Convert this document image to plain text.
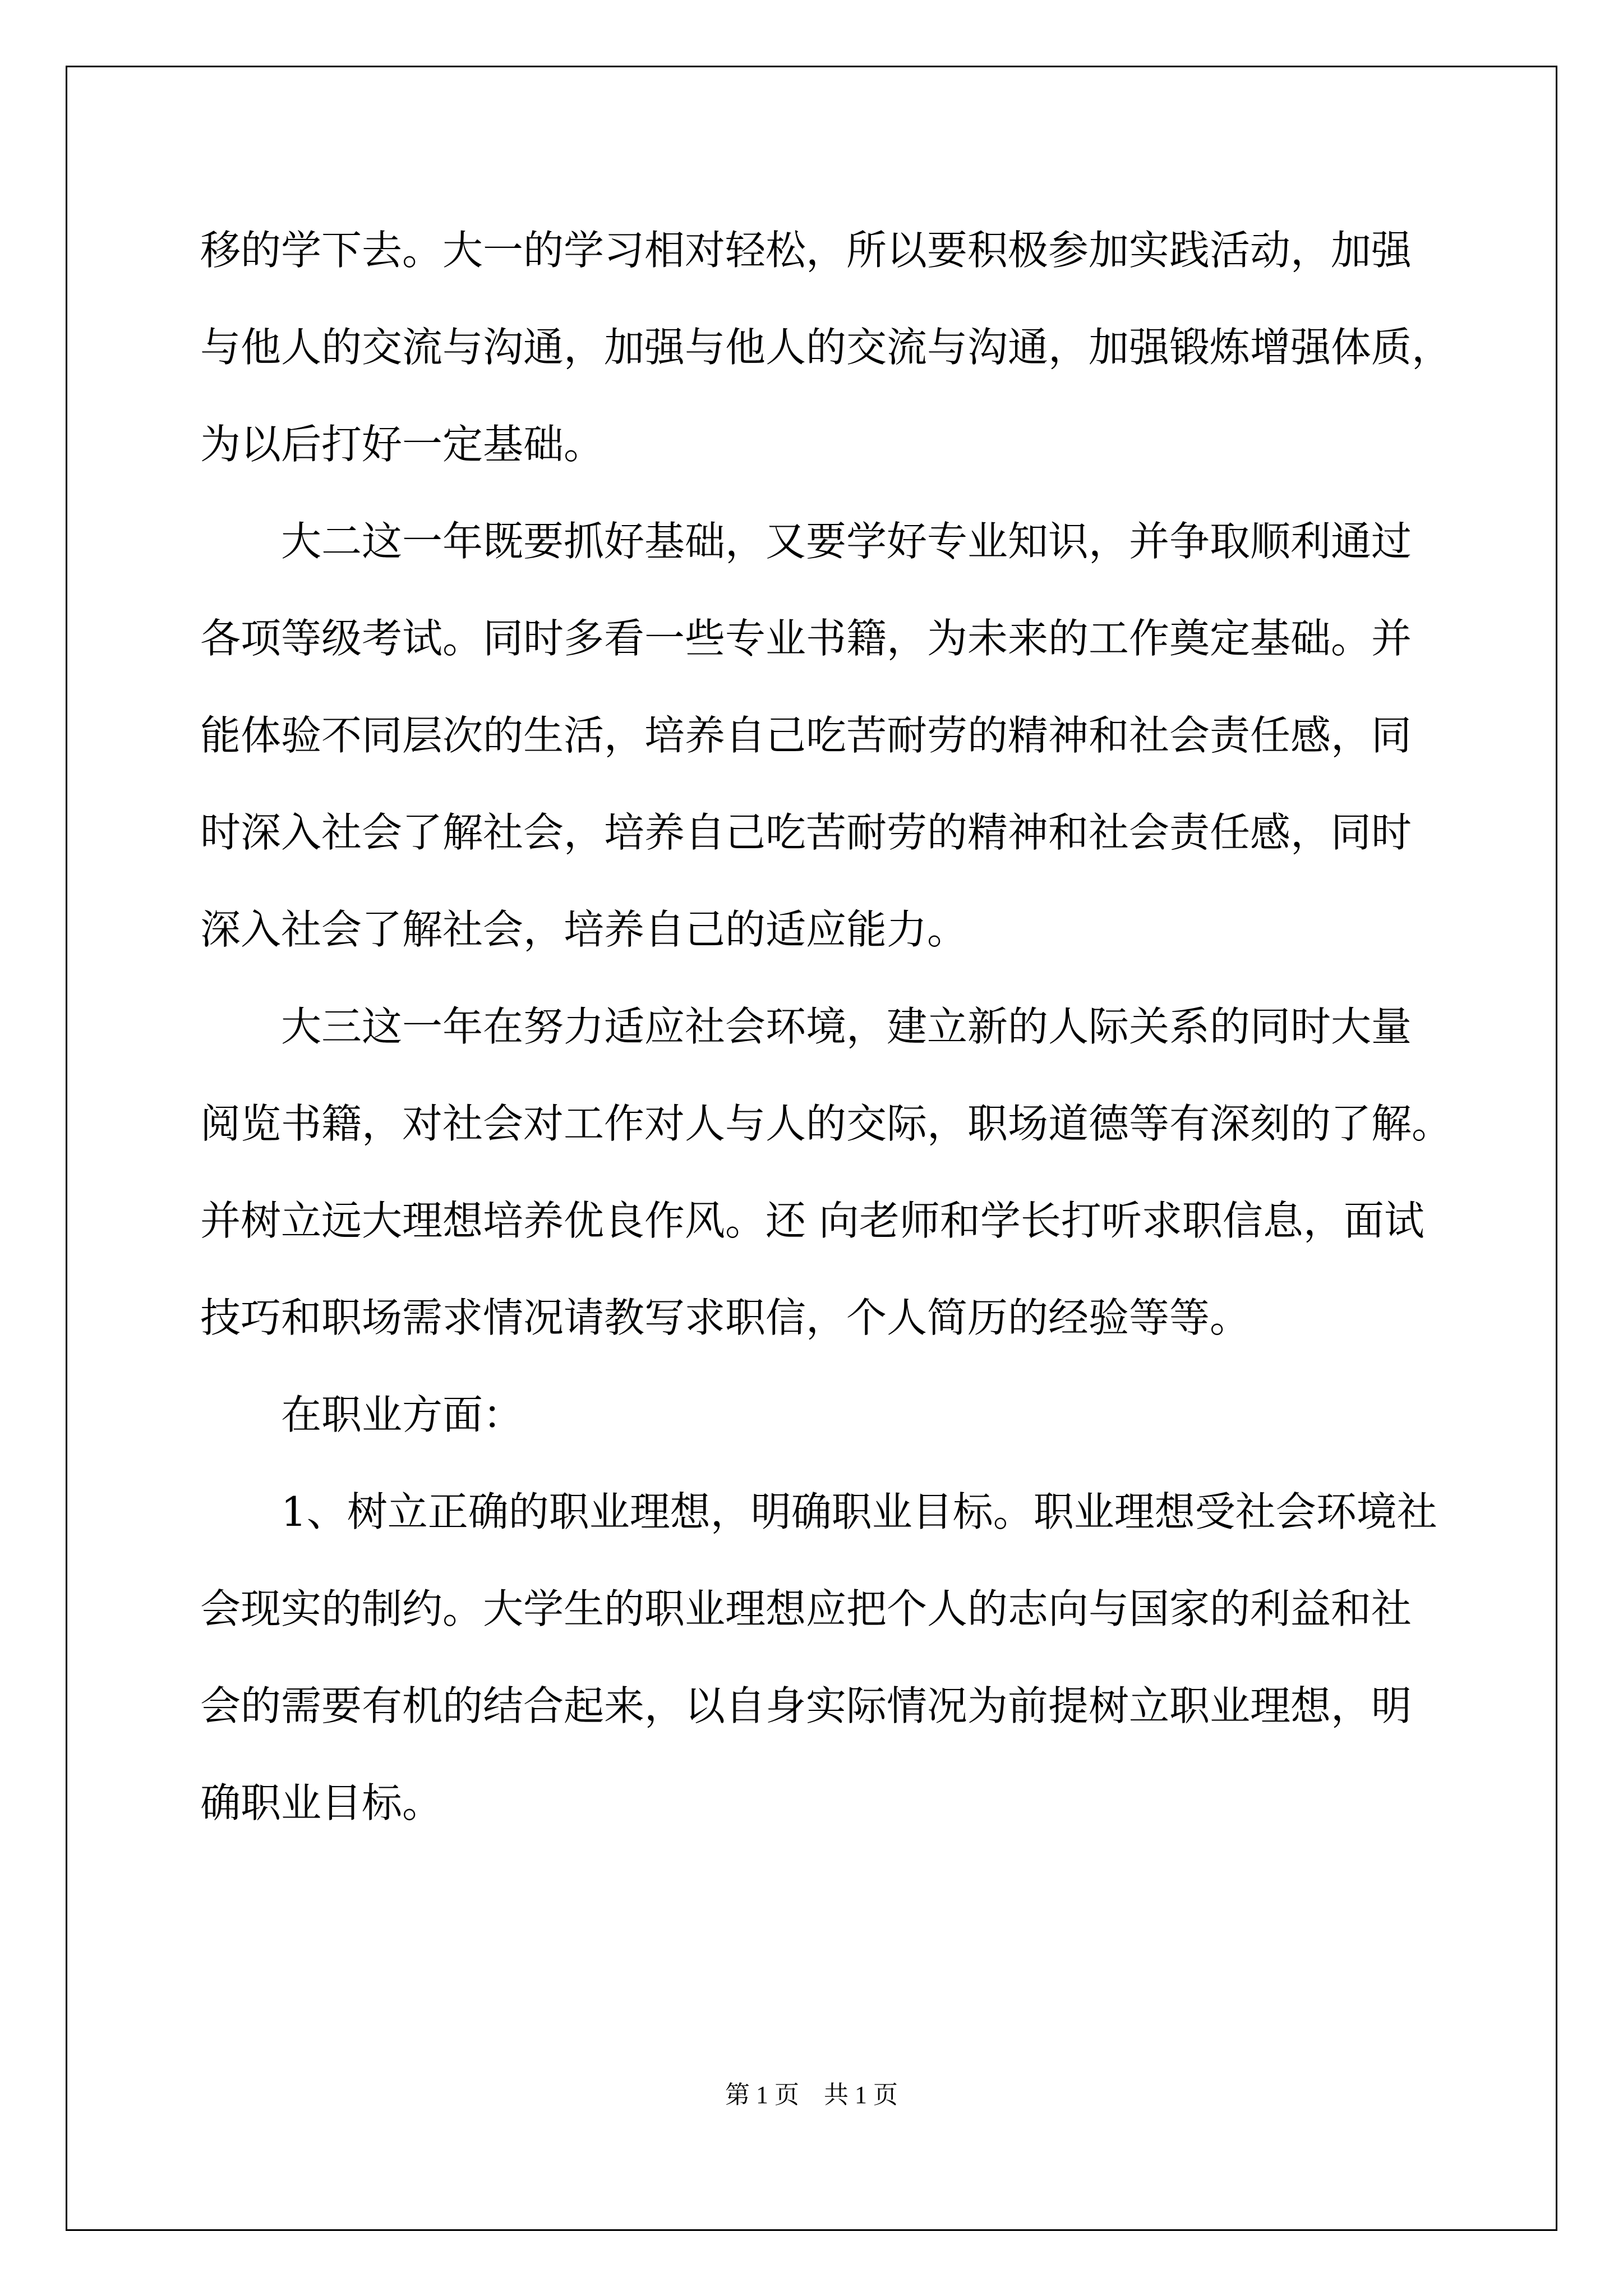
移的学下去。大一的学习相对轻松，所以要积极参加实践活动，加强
与他人的交流与沟通，加强与他人的交流与沟通，加强锻炼增强体质，
为以后打好一定基础。
大二这一年既要抓好基础，又要学好专业知识，并争取顺利通过
各项等级考试。同时多看一些专业书籍，为未来的工作奠定基础。并
能体验不同层次的生活，培养自己吃苦耐劳的精神和社会责任感，同
时深入社会了解社会，培养自己吃苦耐劳的精神和社会责任感，同时
深入社会了解社会，培养自己的适应能力。
大三这一年在努力适应社会环境，建立新的人际关系的同时大量
阅览书籍，对社会对工作对人与人的交际，职场道德等有深刻的了解。
并树立远大理想培养优良作风。还 向老师和学长打听求职信息，面试
技巧和职场需求情况请教写求职信，个人简历的经验等等。
在职业方面：
1、树立正确的职业理想，明确职业目标。职业理想受社会环境社
会现实的制约。大学生的职业理想应把个人的志向与国家的利益和社
会的需要有机的结合起来，以自身实际情况为前提树立职业理想，明
确职业目标。
第 1 页    共 1 页
